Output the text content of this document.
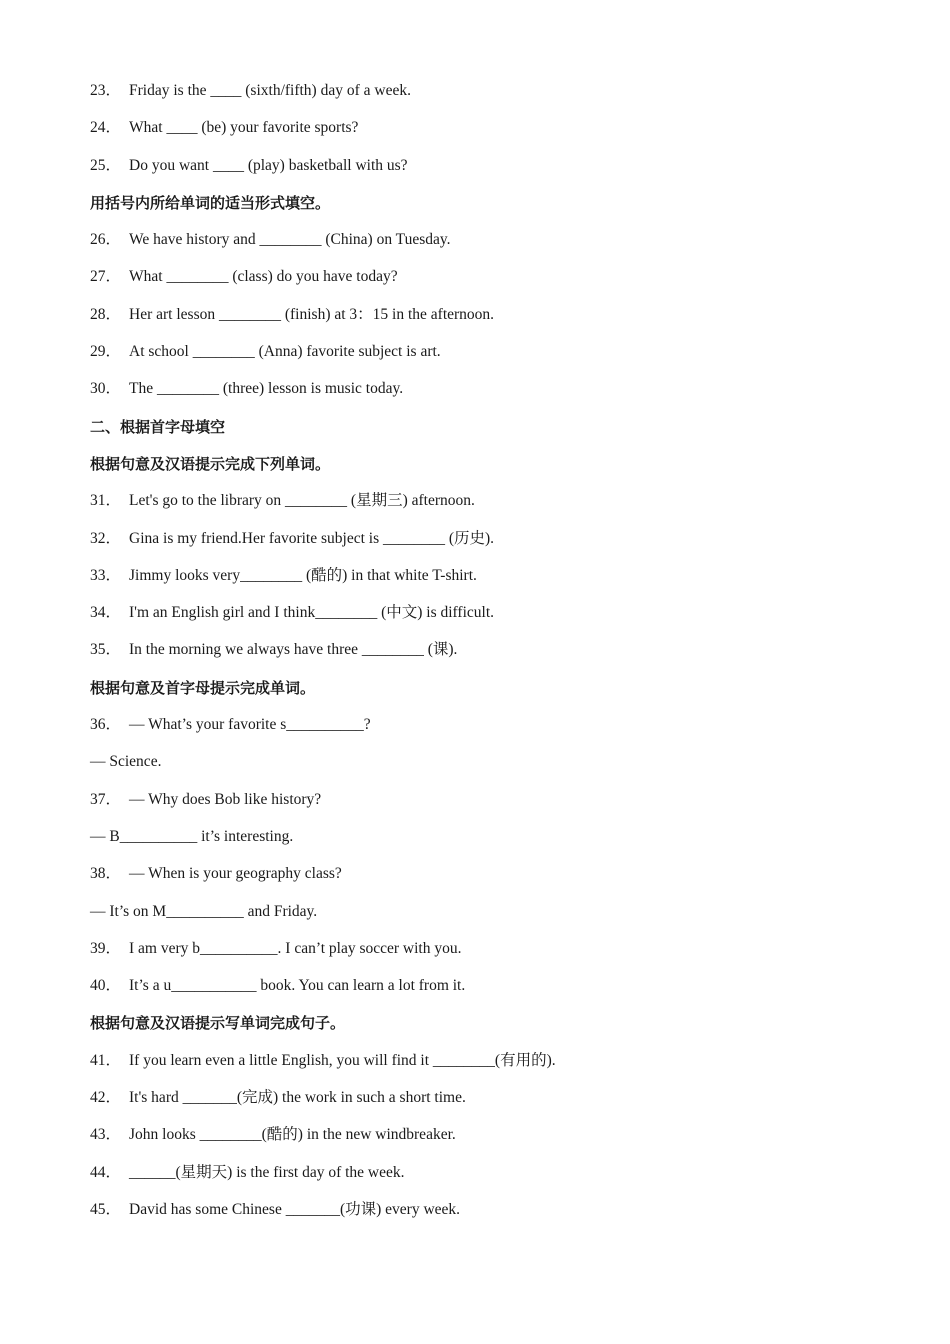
23． Friday is the ____ (sixth/fifth) day of a week.
24． What ____ (be) your favorite sports?
25． Do you want ____ (play) basketball with us?
用括号内所给单词的适当形式填空。
26． We have history and ________ (China) on Tuesday.
27． What ________ (class) do you have today?
28． Her art lesson ________ (finish) at 3：15 in the afternoon.
29． At school ________ (Anna) favorite subject is art.
30． The ________ (three) lesson is music today.
二、根据首字母填空
根据句意及汉语提示完成下列单词。
31． Let's go to the library on ________ (星期三) afternoon.
32． Gina is my friend.Her favorite subject is ________ (历史).
33． Jimmy looks very________ (酷的) in that white T-shirt.
34． I'm an English girl and I think________ (中文) is difficult.
35． In the morning we always have three ________ (课).
根据句意及首字母提示完成单词。
36． — What’s your favorite s__________?
— Science.
37． — Why does Bob like history?
— B__________ it’s interesting.
38． — When is your geography class?
— It’s on M__________ and Friday.
39． I am very b__________. I can’t play soccer with you.
40． It’s a u___________ book. You can learn a lot from it.
根据句意及汉语提示写单词完成句子。
41． If you learn even a little English, you will find it ________(有用的).
42． It's hard _______(完成) the work in such a short time.
43． John looks ________(酷的) in the new windbreaker.
44． ______(星期天) is the first day of the week.
45． David has some Chinese _______(功课) every week.
